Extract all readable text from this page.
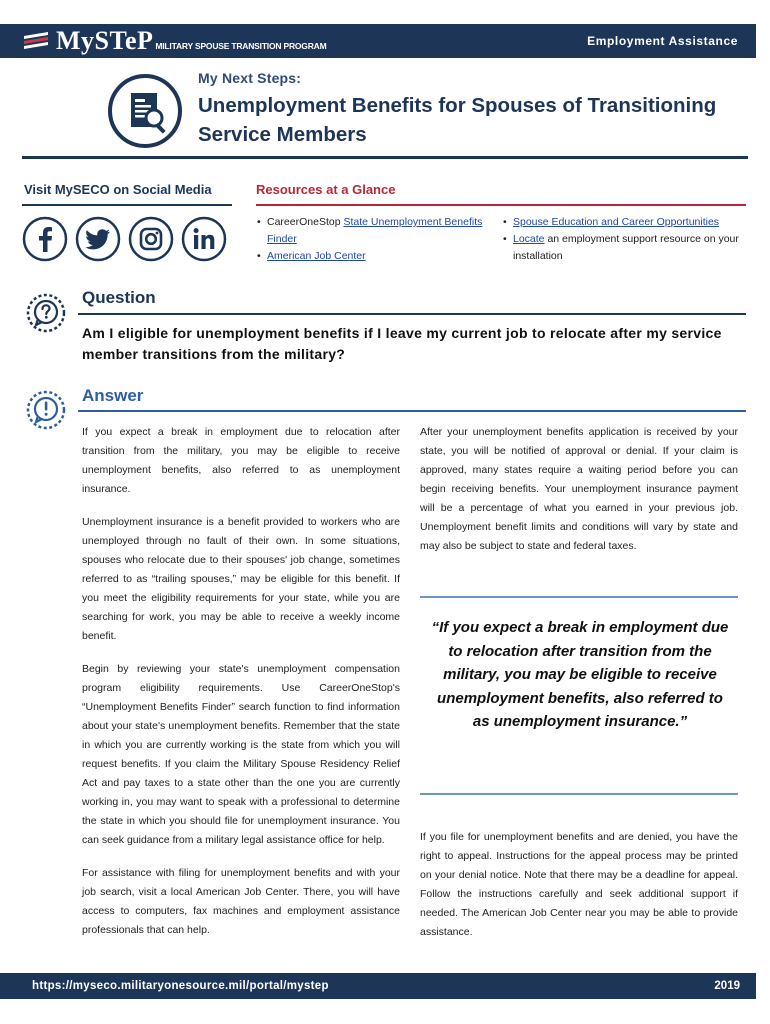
MySTeP MILITARY SPOUSE TRANSITION PROGRAM	Employment Assistance
My Next Steps:
Unemployment Benefits for Spouses of Transitioning Service Members
Visit MySECO on Social Media	Resources at a Glance
• CareerOneStop State Unemployment Benefits Finder
• American Job Center
• Spouse Education and Career Opportunities
• Locate an employment support resource on your installation
Question
Am I eligible for unemployment benefits if I leave my current job to relocate after my service member transitions from the military?
Answer

If you expect a break in employment due to relocation after transition from the military, you may be eligible to receive unemployment benefits, also referred to as unemployment insurance.

Unemployment insurance is a benefit provided to workers who are unemployed through no fault of their own. In some situations, spouses who relocate due to their spouses' job change, sometimes referred to as “trailing spouses,” may be eligible for this benefit. If you meet the eligibility requirements for your state, while you are searching for work, you may be able to receive a weekly income benefit.

Begin by reviewing your state's unemployment compensation program eligibility requirements. Use CareerOneStop's “Unemployment Benefits Finder” search function to find information about your state's unemployment benefits. Remember that the state in which you are currently working is the state from which you will request benefits. If you claim the Military Spouse Residency Relief Act and pay taxes to a state other than the one you are currently working in, you may want to speak with a professional to determine the state in which you should file for unemployment insurance. You can seek guidance from a military legal assistance office for help.

For assistance with filing for unemployment benefits and with your job search, visit a local American Job Center. There, you will have access to computers, fax machines and employment assistance professionals that can help.

After your unemployment benefits application is received by your state, you will be notified of approval or denial. If your claim is approved, many states require a waiting period before you can begin receiving benefits. Your unemployment insurance payment will be a percentage of what you earned in your previous job. Unemployment benefit limits and conditions will vary by state and may also be subject to state and federal taxes.

“If you expect a break in employment due to relocation after transition from the military, you may be eligible to receive unemployment benefits, also referred to as unemployment insurance.”

If you file for unemployment benefits and are denied, you have the right to appeal. Instructions for the appeal process may be printed on your denial notice. Note that there may be a deadline for appeal. Follow the instructions carefully and seek additional support if needed. The American Job Center near you may be able to provide assistance.

https://myseco.militaryonesource.mil/portal/mystep	2019
